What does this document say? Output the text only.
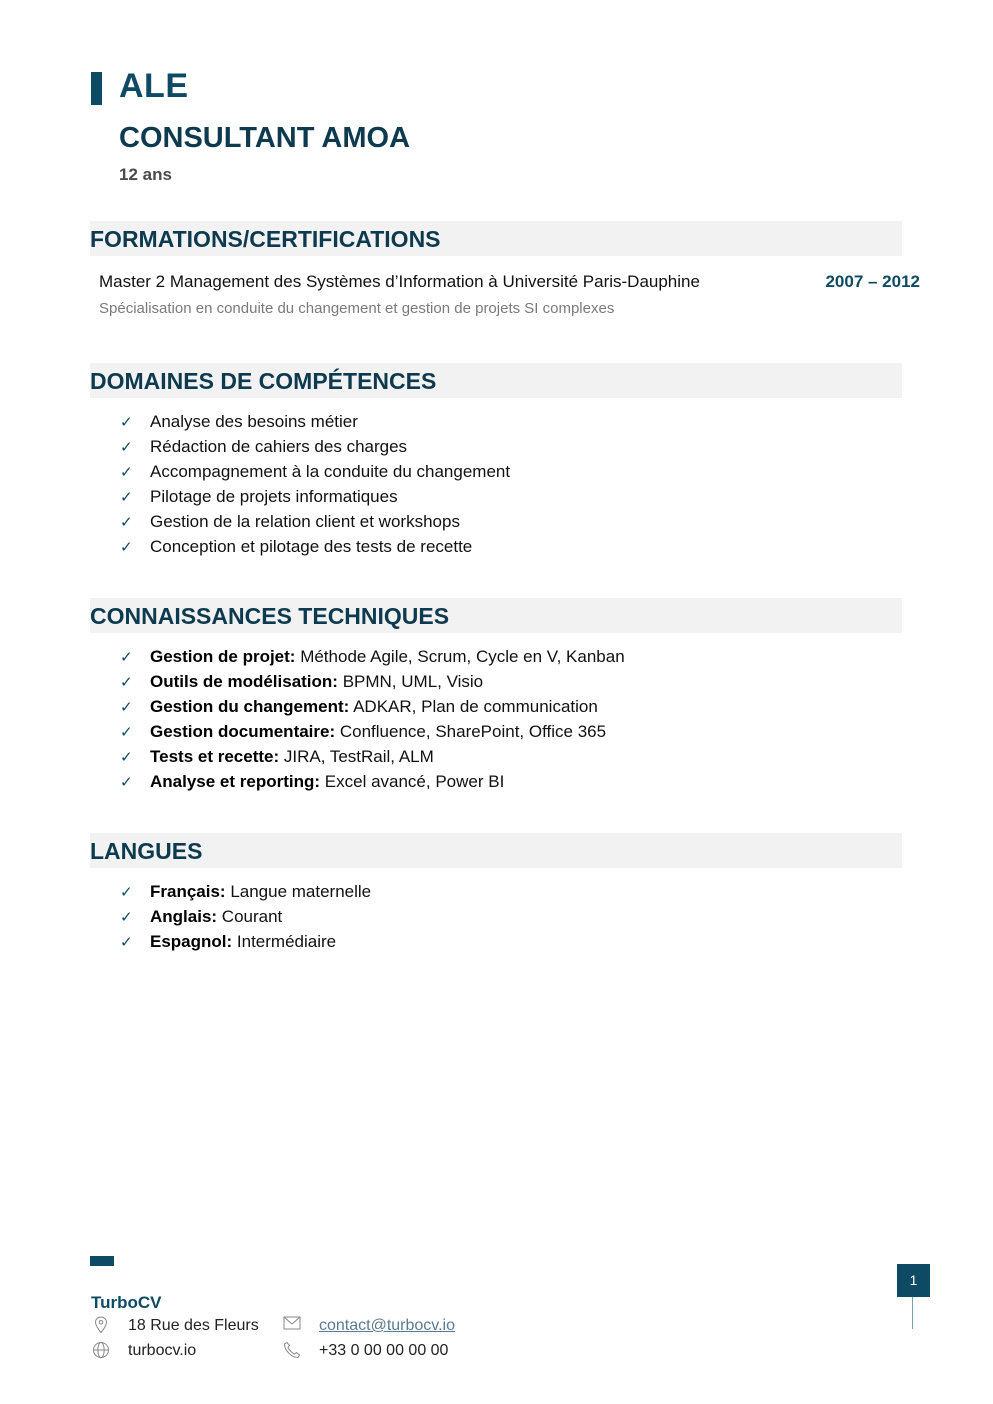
ALE
CONSULTANT AMOA
12 ans
FORMATIONS/CERTIFICATIONS
Master 2 Management des Systèmes d’Information à Université Paris-Dauphine	2007 – 2012
Spécialisation en conduite du changement et gestion de projets SI complexes
DOMAINES DE COMPÉTENCES
✓ Analyse des besoins métier
✓ Rédaction de cahiers des charges
✓ Accompagnement à la conduite du changement
✓ Pilotage de projets informatiques
✓ Gestion de la relation client et workshops
✓ Conception et pilotage des tests de recette
CONNAISSANCES TECHNIQUES
✓ Gestion de projet: Méthode Agile, Scrum, Cycle en V, Kanban
✓ Outils de modélisation: BPMN, UML, Visio
✓ Gestion du changement: ADKAR, Plan de communication
✓ Gestion documentaire: Confluence, SharePoint, Office 365
✓ Tests et recette: JIRA, TestRail, ALM
✓ Analyse et reporting: Excel avancé, Power BI
LANGUES
✓ Français: Langue maternelle
✓ Anglais: Courant
✓ Espagnol: Intermédiaire
TurboCV
18 Rue des Fleurs
turbocv.io
contact@turbocv.io
+33 0 00 00 00 00
1
